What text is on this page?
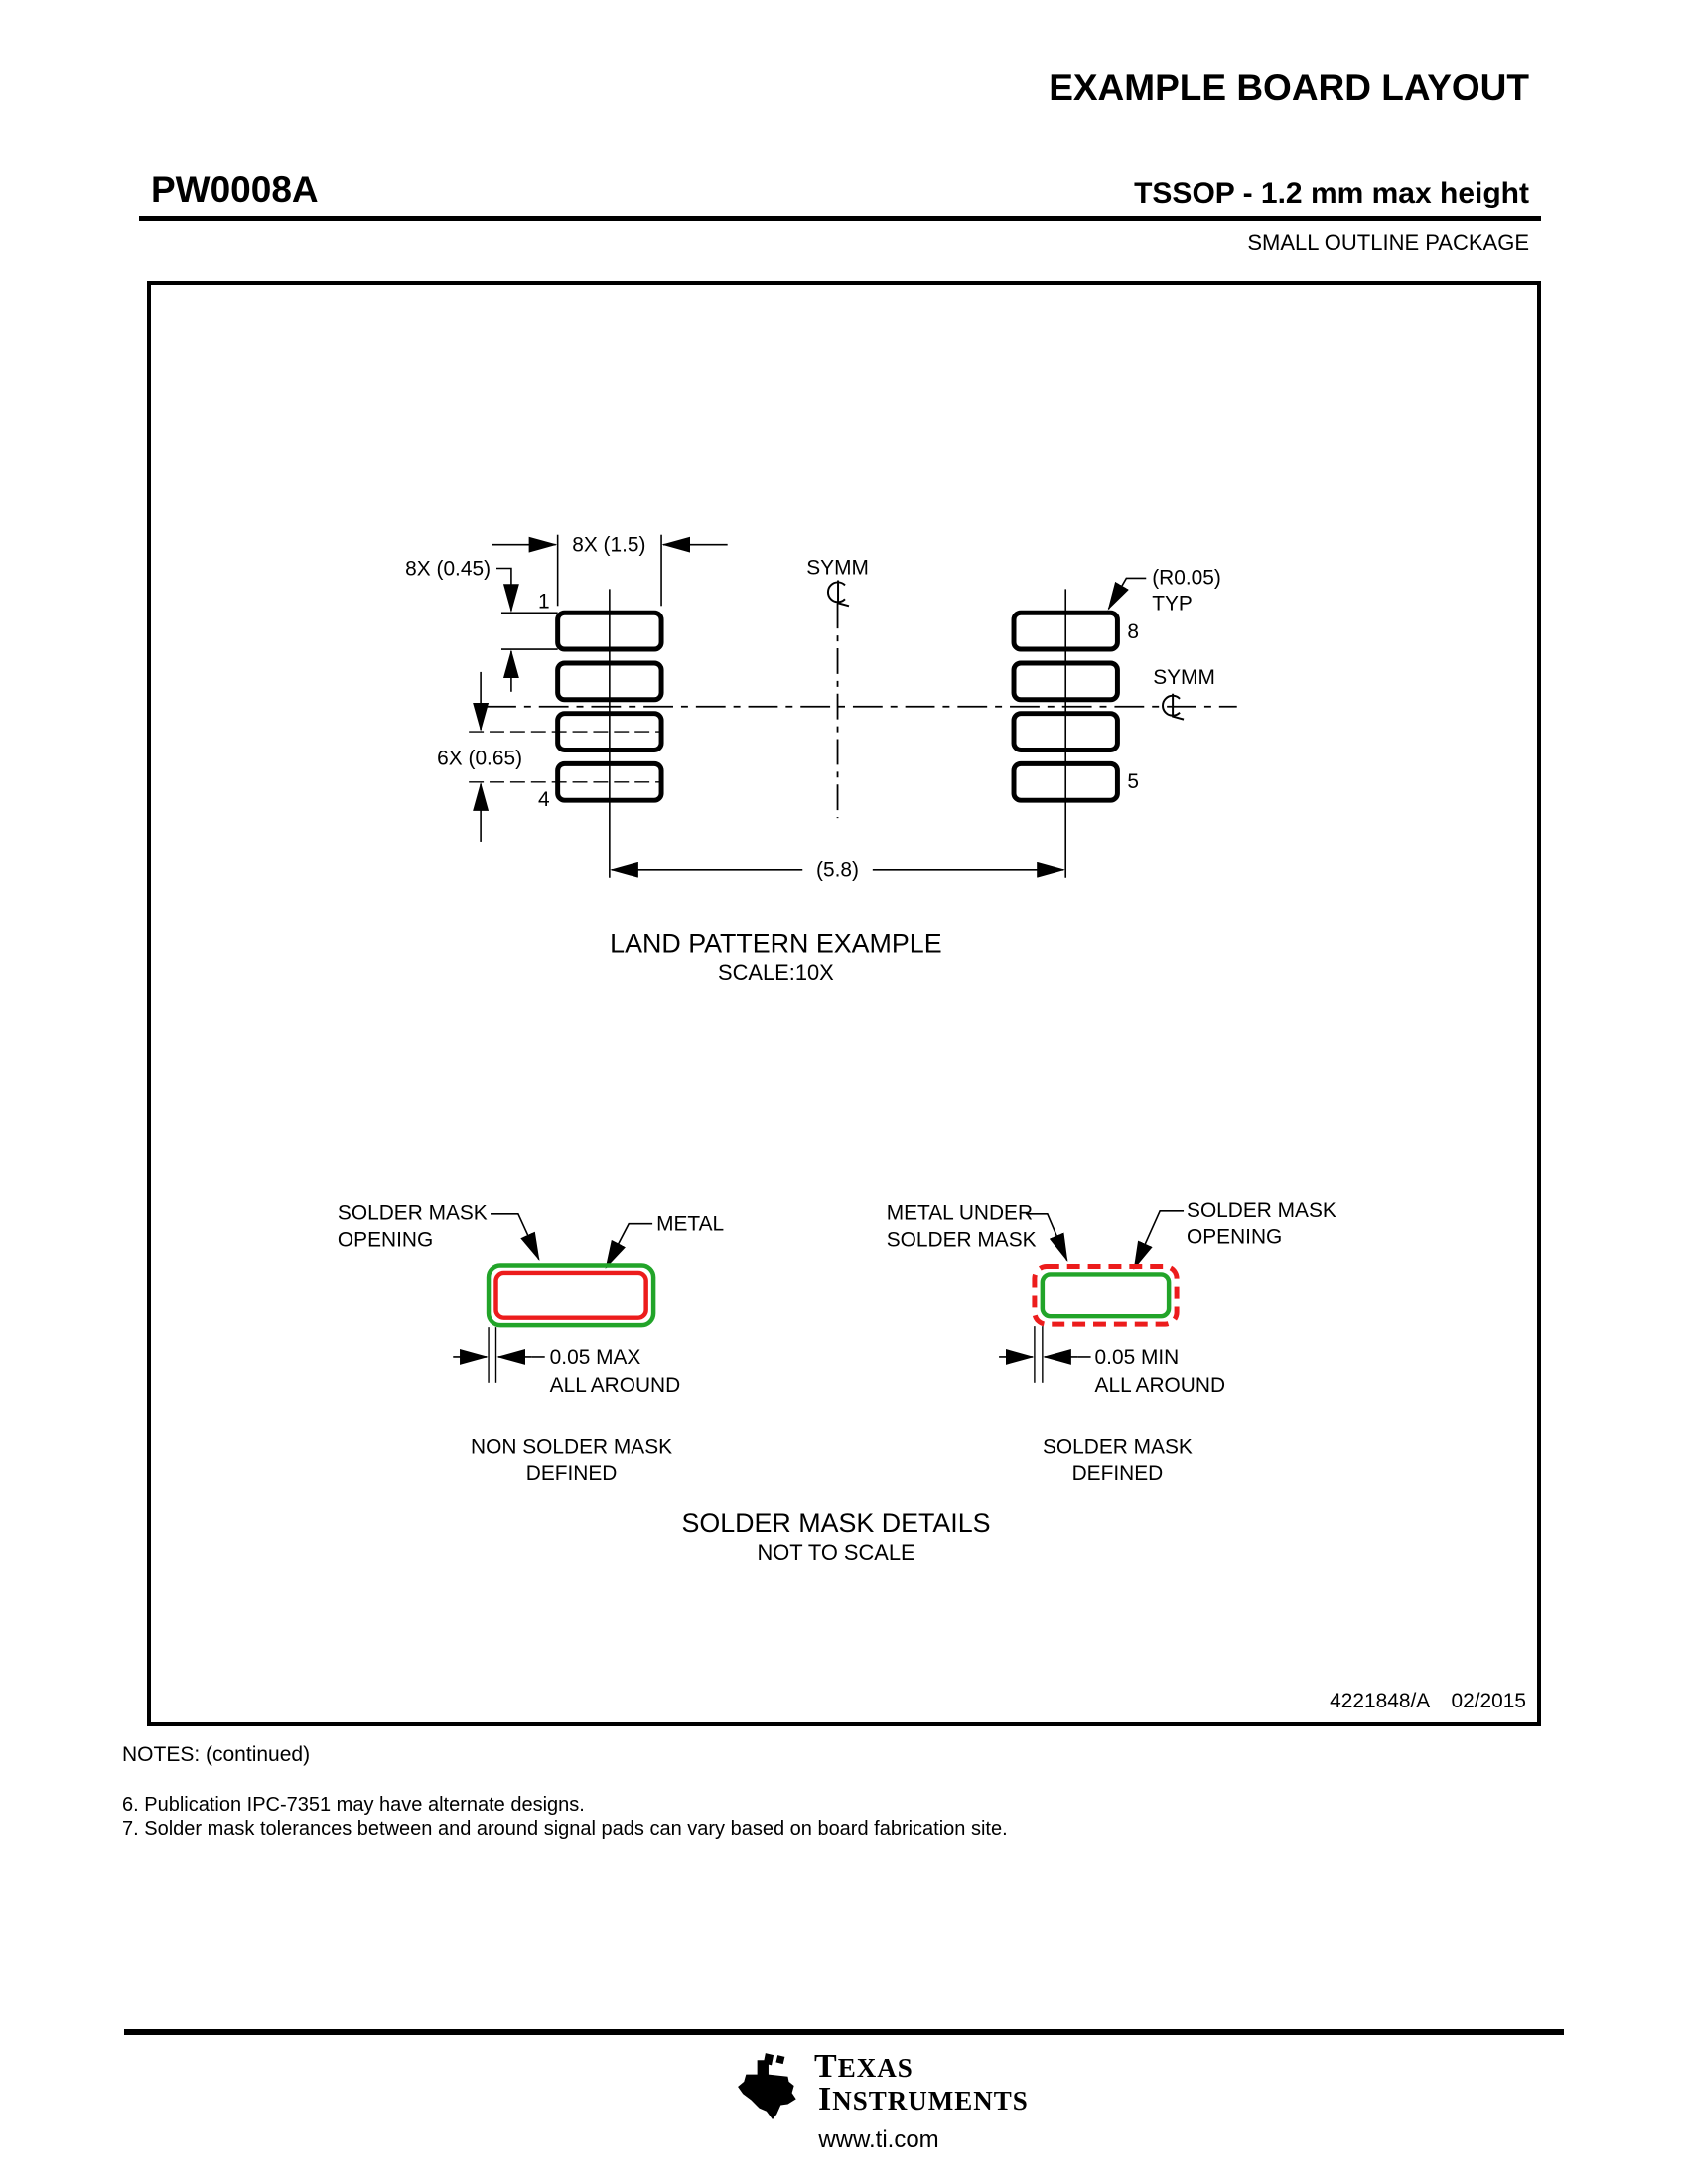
EXAMPLE BOARD LAYOUT
PW0008A	TSSOP - 1.2 mm max height
SMALL OUTLINE PACKAGE
1
4
8
5
8X (1.5)
8X (0.45)
6X (0.65)
(5.8)
SYMM
SYMM
(R0.05)
TYP
LAND PATTERN EXAMPLE
SCALE:10X
SOLDER MASK
OPENING
METAL
0.05 MAX
ALL AROUND
NON SOLDER MASK
DEFINED
METAL UNDER
SOLDER MASK
SOLDER MASK
OPENING
0.05 MIN
ALL AROUND
SOLDER MASK
DEFINED
SOLDER MASK DETAILS
NOT TO SCALE
4221848/A 02/2015
NOTES: (continued)
6. Publication IPC-7351 may have alternate designs.
7. Solder mask tolerances between and around signal pads can vary based on board fabrication site.
ti
TEXAS
INSTRUMENTS
www.ti.com
